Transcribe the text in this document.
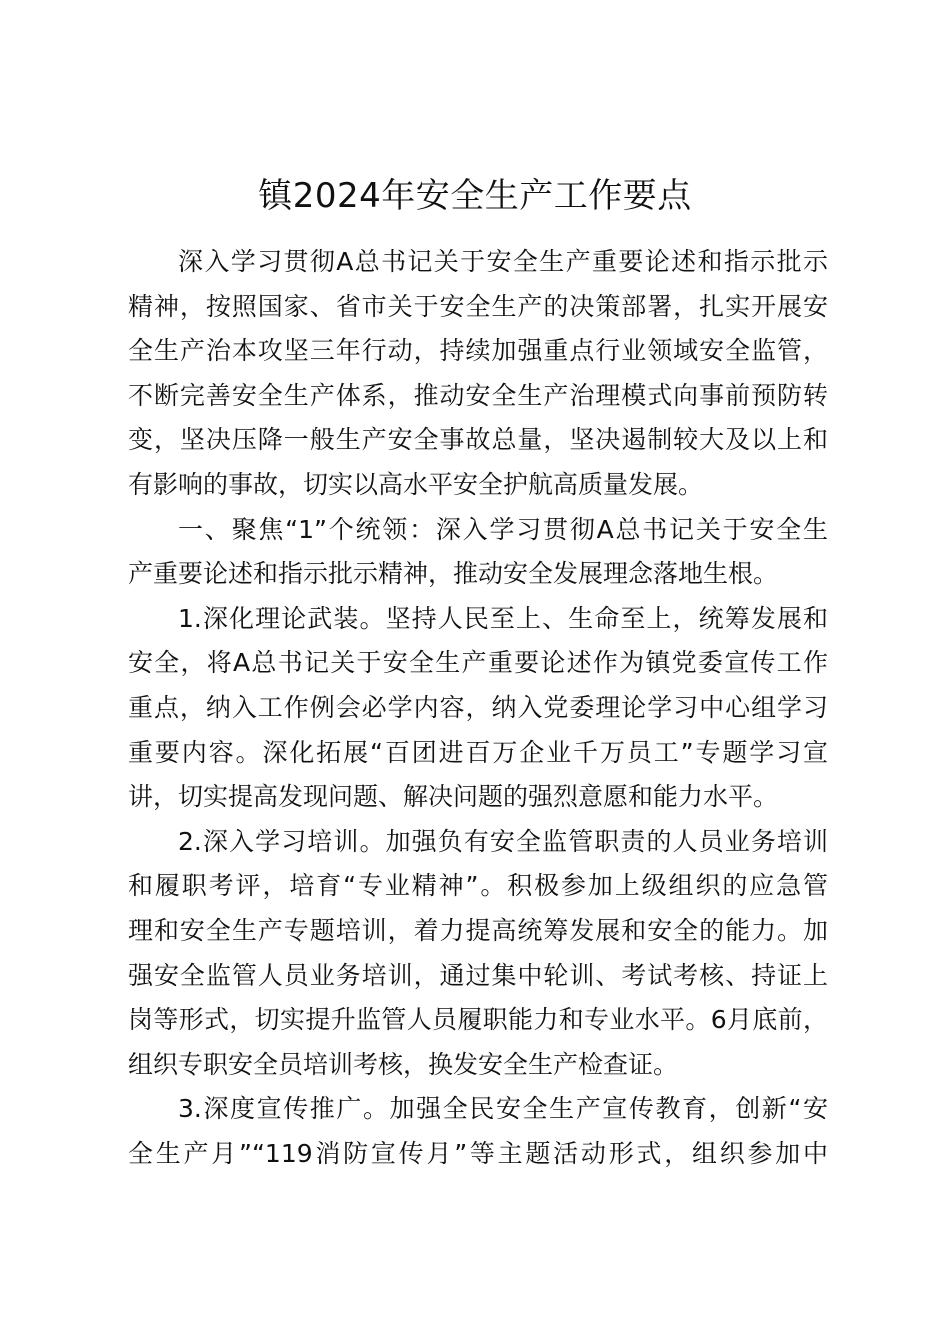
镇2024年安全生产工作要点
深入学习贯彻A总书记关于安全生产重要论述和指示批示
精神，按照国家、省市关于安全生产的决策部署，扎实开展安
全生产治本攻坚三年行动，持续加强重点行业领域安全监管，
不断完善安全生产体系，推动安全生产治理模式向事前预防转
变，坚决压降一般生产安全事故总量，坚决遏制较大及以上和
有影响的事故，切实以高水平安全护航高质量发展。
一、聚焦“1”个统领：深入学习贯彻A总书记关于安全生
产重要论述和指示批示精神，推动安全发展理念落地生根。
1.深化理论武装。坚持人民至上、生命至上，统筹发展和
安全，将A总书记关于安全生产重要论述作为镇党委宣传工作
重点，纳入工作例会必学内容，纳入党委理论学习中心组学习
重要内容。深化拓展“百团进百万企业千万员工”专题学习宣
讲，切实提高发现问题、解决问题的强烈意愿和能力水平。
2.深入学习培训。加强负有安全监管职责的人员业务培训
和履职考评，培育“专业精神”。积极参加上级组织的应急管
理和安全生产专题培训，着力提高统筹发展和安全的能力。加
强安全监管人员业务培训，通过集中轮训、考试考核、持证上
岗等形式，切实提升监管人员履职能力和专业水平。6月底前，
组织专职安全员培训考核，换发安全生产检查证。
3.深度宣传推广。加强全民安全生产宣传教育，创新“安
全生产月”“119消防宣传月”等主题活动形式，组织参加中
